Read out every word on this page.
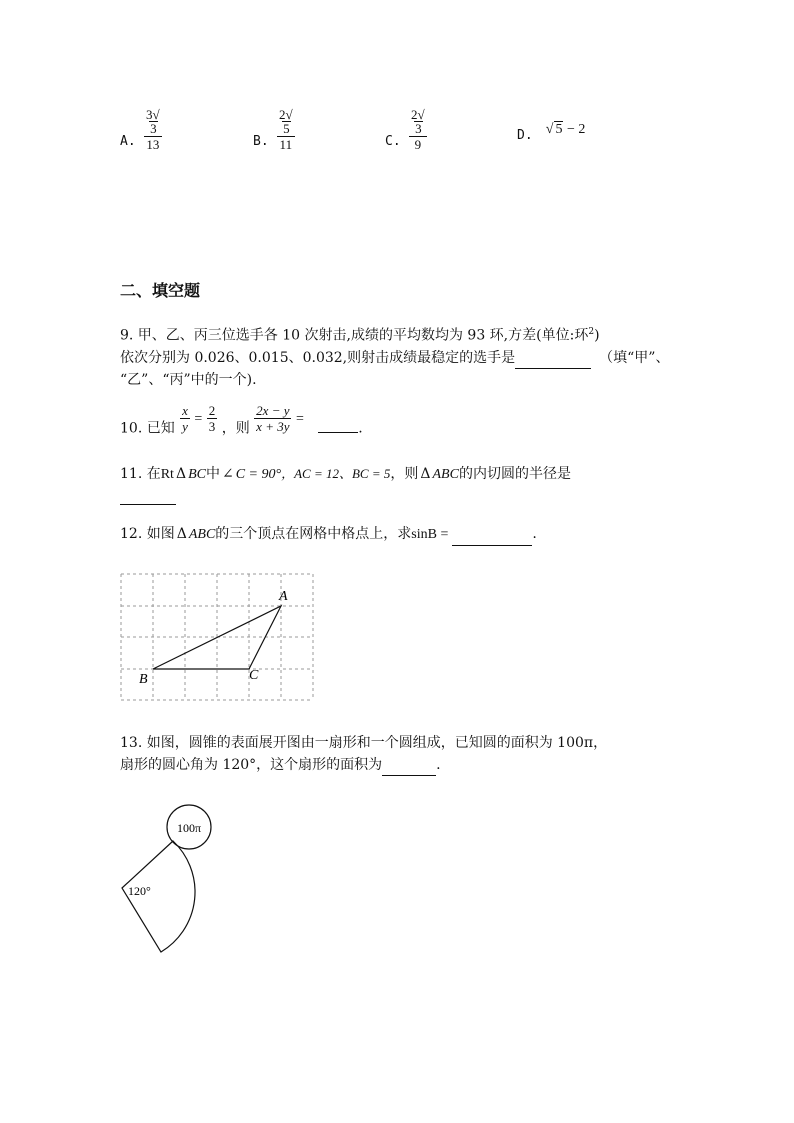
A. $\frac{3√3}{13}$	B. $\frac{2√5}{11}$	C. $\frac{2√3}{9}$	$_{D.}$ √ 5 − 2
二、填空题
9. 甲、乙、丙三位选手各 10 次射击,成绩的平均数均为 93 环,方差(单位:环$^2$)
依次分别为 0.026、0.015、0.032,则射击成绩最稳定的选手是	（填“甲”、
“乙”、“丙”中的一个).
10. 已知 $\frac{x}{y} = \frac{2}{3}$ ，则 $\frac{2x - y}{x + 3y}$ = .
11. 在Rt Δ BC中 ∠ C = 90°，AC = 12、BC = 5，则 Δ ABC的内切圆的半径是
12. 如图 Δ ABC的三个顶点在网格中格点上，求sinB =	.
A
B	C
13. 如图，圆锥的表面展开图由一扇形和一个圆组成，已知圆的面积为 100π，
扇形的圆心角为 120°，这个扇形的面积为	.
100π
120°
